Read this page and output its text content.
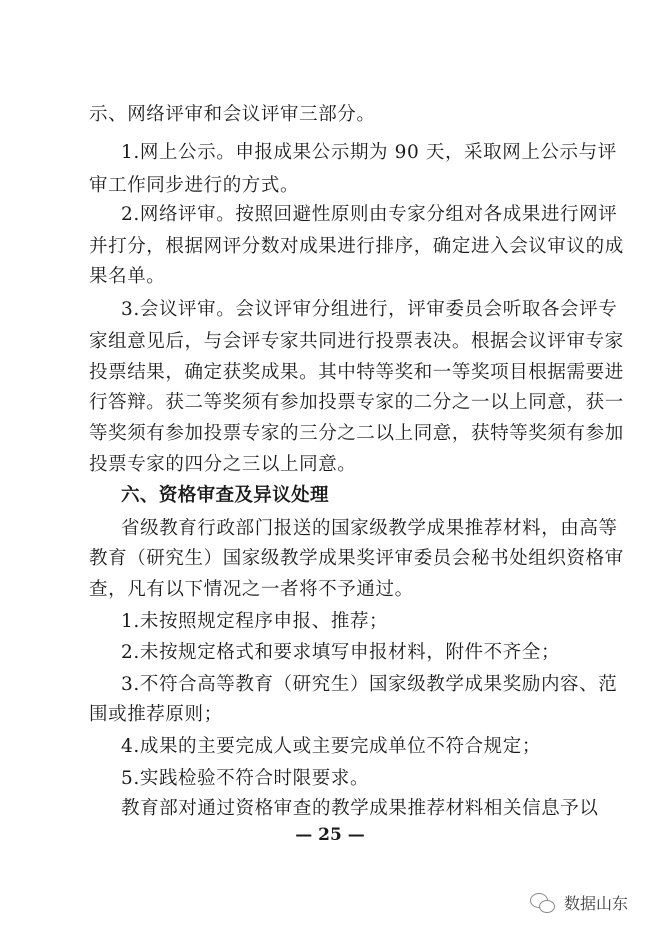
示、网络评审和会议评审三部分。
1.网上公示。申报成果公示期为 90 天，采取网上公示与评
审工作同步进行的方式。
2.网络评审。按照回避性原则由专家分组对各成果进行网评
并打分，根据网评分数对成果进行排序，确定进入会议审议的成
果名单。
3.会议评审。会议评审分组进行，评审委员会听取各会评专
家组意见后，与会评专家共同进行投票表决。根据会议评审专家
投票结果，确定获奖成果。其中特等奖和一等奖项目根据需要进
行答辩。获二等奖须有参加投票专家的二分之一以上同意，获一
等奖须有参加投票专家的三分之二以上同意，获特等奖须有参加
投票专家的四分之三以上同意。
六、资格审查及异议处理
省级教育行政部门报送的国家级教学成果推荐材料，由高等
教育（研究生）国家级教学成果奖评审委员会秘书处组织资格审
查，凡有以下情况之一者将不予通过。
1.未按照规定程序申报、推荐；
2.未按规定格式和要求填写申报材料，附件不齐全；
3.不符合高等教育（研究生）国家级教学成果奖励内容、范
围或推荐原则；
4.成果的主要完成人或主要完成单位不符合规定；
5.实践检验不符合时限要求。
教育部对通过资格审查的教学成果推荐材料相关信息予以
— 25 —
数据山东
